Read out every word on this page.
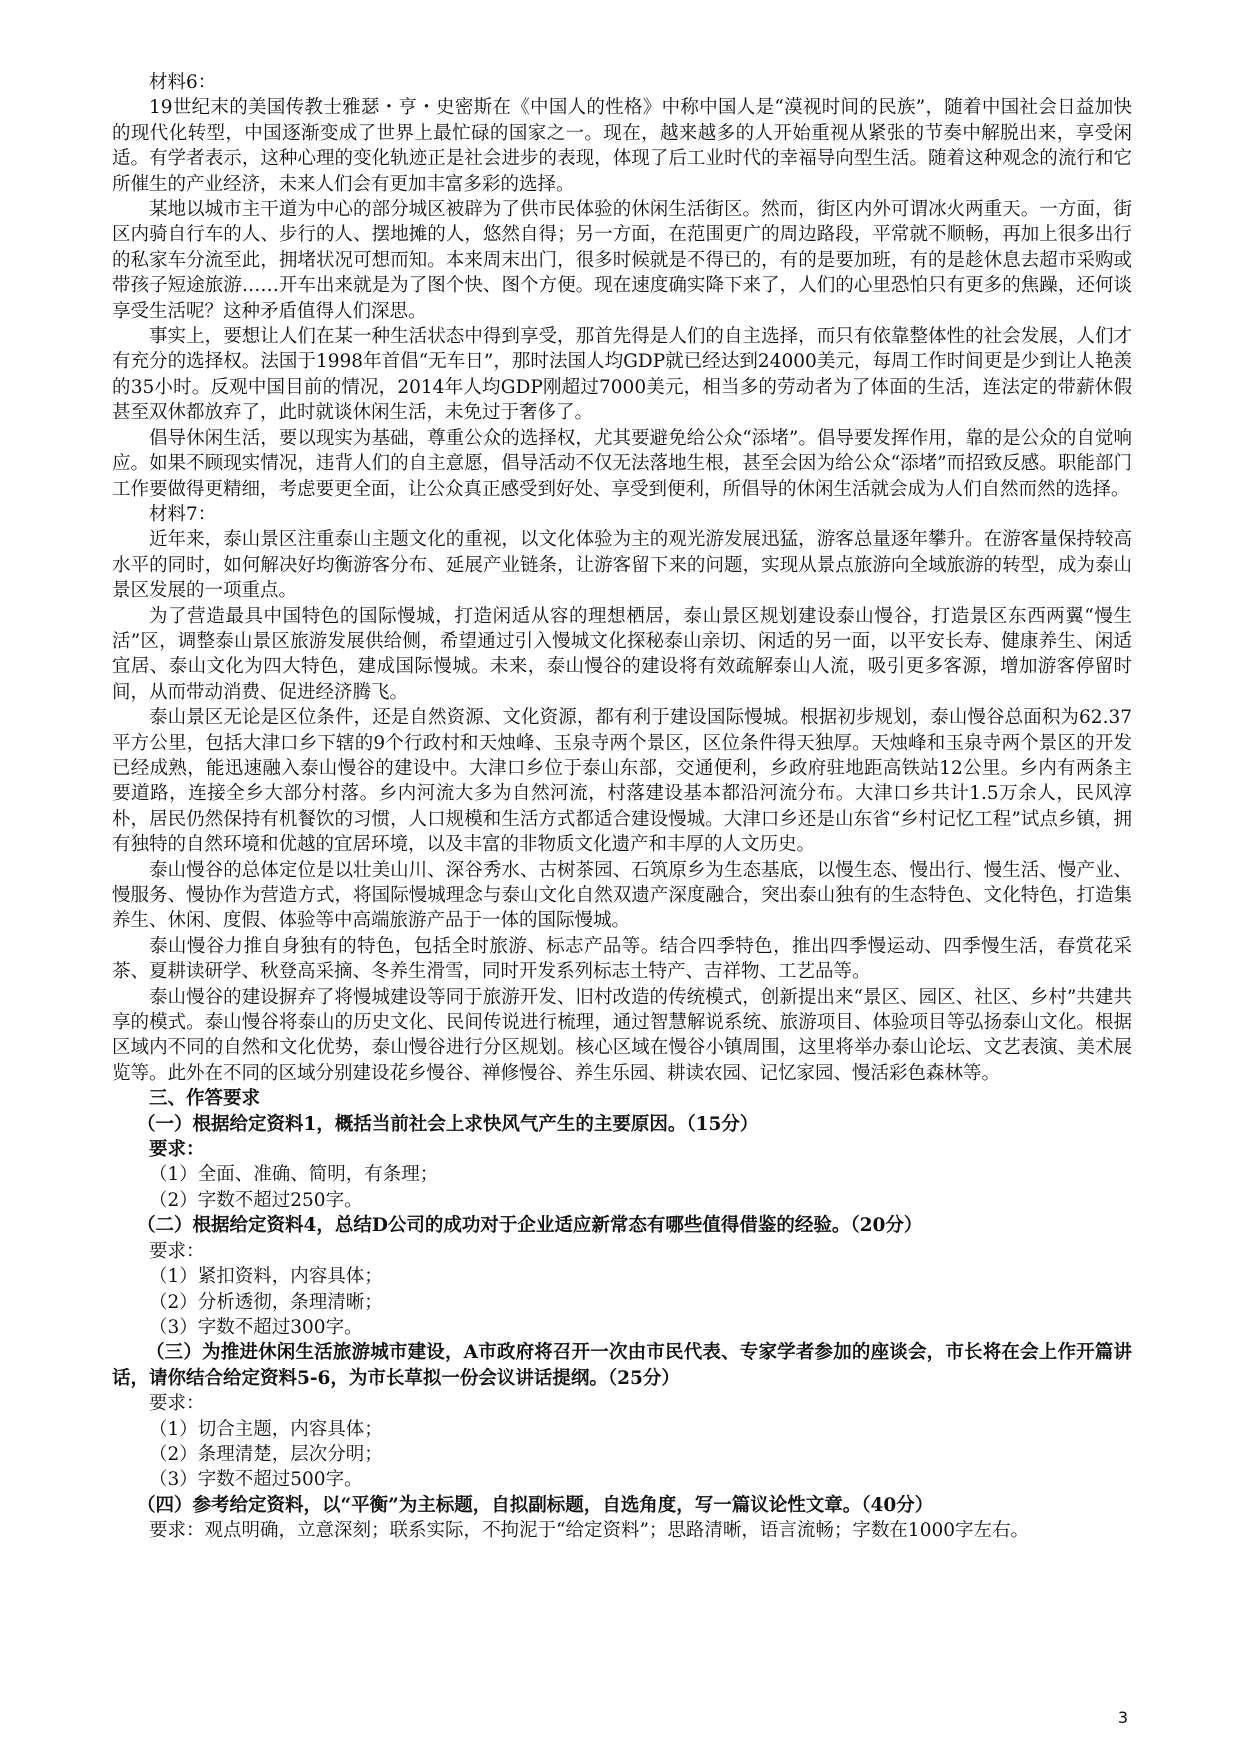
材料6：

19世纪末的美国传教士雅瑟・亨・史密斯在《中国人的性格》中称中国人是“漠视时间的民族”，随着中国社会日益加快的现代化转型，中国逐渐变成了世界上最忙碌的国家之一。现在，越来越多的人开始重视从紧张的节奏中解脱出来，享受闲适。有学者表示，这种心理的变化轨迹正是社会进步的表现，体现了后工业时代的幸福导向型生活。随着这种观念的流行和它所催生的产业经济，未来人们会有更加丰富多彩的选择。

某地以城市主干道为中心的部分城区被辟为了供市民体验的休闲生活街区。然而，街区内外可谓冰火两重天。一方面，街区内骑自行车的人、步行的人、摆地摊的人，悠然自得；另一方面，在范围更广的周边路段，平常就不顺畅，再加上很多出行的私家车分流至此，拥堵状况可想而知。本来周末出门，很多时候就是不得已的，有的是要加班，有的是趁休息去超市采购或带孩子短途旅游……开车出来就是为了图个快、图个方便。现在速度确实降下来了，人们的心里恐怕只有更多的焦躁，还何谈享受生活呢？这种矛盾值得人们深思。

事实上，要想让人们在某一种生活状态中得到享受，那首先得是人们的自主选择，而只有依靠整体性的社会发展，人们才有充分的选择权。法国于1998年首倡“无车日”，那时法国人均GDP就已经达到24000美元，每周工作时间更是少到让人艳羡的35小时。反观中国目前的情况，2014年人均GDP刚超过7000美元，相当多的劳动者为了体面的生活，连法定的带薪休假甚至双休都放弃了，此时就谈休闲生活，未免过于奢侈了。

倡导休闲生活，要以现实为基础，尊重公众的选择权，尤其要避免给公众“添堵”。倡导要发挥作用，靠的是公众的自觉响应。如果不顾现实情况，违背人们的自主意愿，倡导活动不仅无法落地生根，甚至会因为给公众“添堵”而招致反感。职能部门工作要做得更精细，考虑要更全面，让公众真正感受到好处、享受到便利，所倡导的休闲生活就会成为人们自然而然的选择。

材料7：

近年来，泰山景区注重泰山主题文化的重视，以文化体验为主的观光游发展迅猛，游客总量逐年攀升。在游客量保持较高水平的同时，如何解决好均衡游客分布、延展产业链条，让游客留下来的问题，实现从景点旅游向全域旅游的转型，成为泰山景区发展的一项重点。

为了营造最具中国特色的国际慢城，打造闲适从容的理想栖居，泰山景区规划建设泰山慢谷，打造景区东西两翼“慢生活”区，调整泰山景区旅游发展供给侧，希望通过引入慢城文化探秘泰山亲切、闲适的另一面，以平安长寿、健康养生、闲适宜居、泰山文化为四大特色，建成国际慢城。未来，泰山慢谷的建设将有效疏解泰山人流，吸引更多客源，增加游客停留时间，从而带动消费、促进经济腾飞。

泰山景区无论是区位条件，还是自然资源、文化资源，都有利于建设国际慢城。根据初步规划，泰山慢谷总面积为62.37平方公里，包括大津口乡下辖的9个行政村和天烛峰、玉泉寺两个景区，区位条件得天独厚。天烛峰和玉泉寺两个景区的开发已经成熟，能迅速融入泰山慢谷的建设中。大津口乡位于泰山东部，交通便利，乡政府驻地距高铁站12公里。乡内有两条主要道路，连接全乡大部分村落。乡内河流大多为自然河流，村落建设基本都沿河流分布。大津口乡共计1.5万余人，民风淳朴，居民仍然保持有机餐饮的习惯，人口规模和生活方式都适合建设慢城。大津口乡还是山东省“乡村记忆工程”试点乡镇，拥有独特的自然环境和优越的宜居环境，以及丰富的非物质文化遗产和丰厚的人文历史。

泰山慢谷的总体定位是以壮美山川、深谷秀水、古树茶园、石筑原乡为生态基底，以慢生态、慢出行、慢生活、慢产业、慢服务、慢协作为营造方式，将国际慢城理念与泰山文化自然双遗产深度融合，突出泰山独有的生态特色、文化特色，打造集养生、休闲、度假、体验等中高端旅游产品于一体的国际慢城。

泰山慢谷力推自身独有的特色，包括全时旅游、标志产品等。结合四季特色，推出四季慢运动、四季慢生活，春赏花采茶、夏耕读研学、秋登高采摘、冬养生滑雪，同时开发系列标志土特产、吉祥物、工艺品等。

泰山慢谷的建设摒弃了将慢城建设等同于旅游开发、旧村改造的传统模式，创新提出来“景区、园区、社区、乡村”共建共享的模式。泰山慢谷将泰山的历史文化、民间传说进行梳理，通过智慧解说系统、旅游项目、体验项目等弘扬泰山文化。根据区域内不同的自然和文化优势，泰山慢谷进行分区规划。核心区域在慢谷小镇周围，这里将举办泰山论坛、文艺表演、美术展览等。此外在不同的区域分别建设花乡慢谷、禅修慢谷、养生乐园、耕读农园、记忆家园、慢活彩色森林等。

三、作答要求

（一）根据给定资料1，概括当前社会上求快风气产生的主要原因。（15分）

要求：

（1）全面、准确、简明，有条理；

（2）字数不超过250字。

（二）根据给定资料4，总结D公司的成功对于企业适应新常态有哪些值得借鉴的经验。（20分）

要求：

（1）紧扣资料，内容具体；

（2）分析透彻，条理清晰；

（3）字数不超过300字。

（三）为推进休闲生活旅游城市建设，A市政府将召开一次由市民代表、专家学者参加的座谈会，市长将在会上作开篇讲话，请你结合给定资料5-6，为市长草拟一份会议讲话提纲。（25分）

要求：

（1）切合主题，内容具体；

（2）条理清楚，层次分明；

（3）字数不超过500字。

（四）参考给定资料，以“平衡”为主标题，自拟副标题，自选角度，写一篇议论性文章。（40分）

要求：观点明确，立意深刻；联系实际，不拘泥于“给定资料”；思路清晰，语言流畅；字数在1000字左右。

3
